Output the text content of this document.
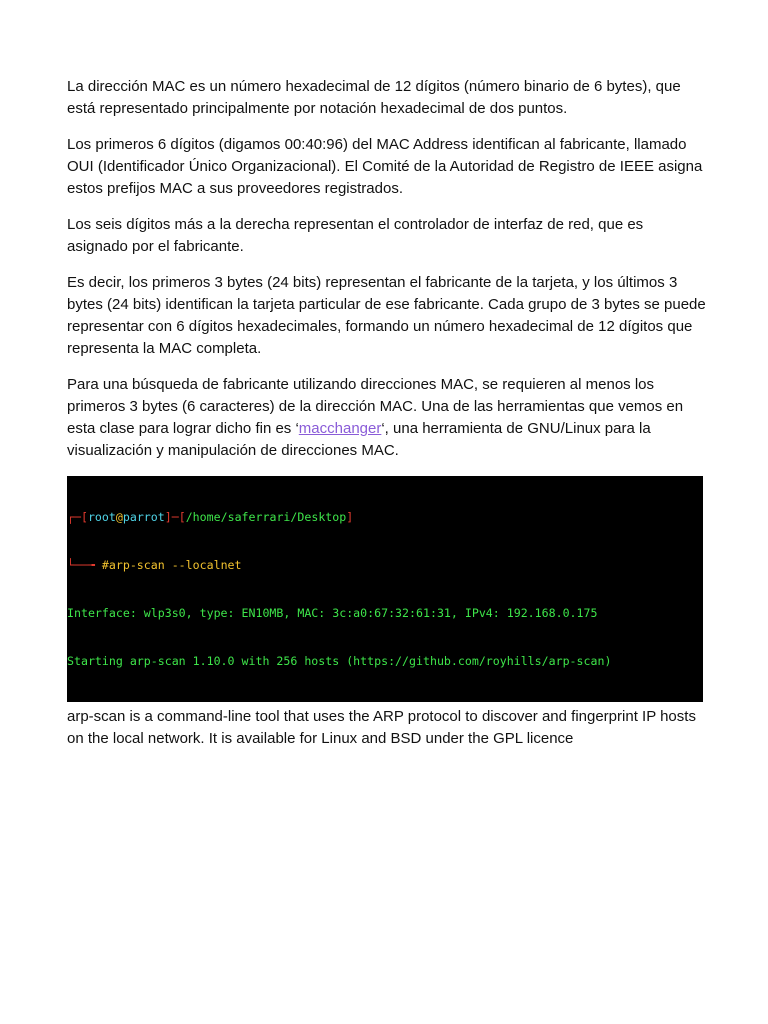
La dirección MAC es un número hexadecimal de 12 dígitos (número binario de 6 bytes), que está representado principalmente por notación hexadecimal de dos puntos.

Los primeros 6 dígitos (digamos 00:40:96) del MAC Address identifican al fabricante, llamado OUI (Identificador Único Organizacional). El Comité de la Autoridad de Registro de IEEE asigna estos prefijos MAC a sus proveedores registrados.

Los seis dígitos más a la derecha representan el controlador de interfaz de red, que es asignado por el fabricante.

Es decir, los primeros 3 bytes (24 bits) representan el fabricante de la tarjeta, y los últimos 3 bytes (24 bits) identifican la tarjeta particular de ese fabricante. Cada grupo de 3 bytes se puede representar con 6 dígitos hexadecimales, formando un número hexadecimal de 12 dígitos que representa la MAC completa.

Para una búsqueda de fabricante utilizando direcciones MAC, se requieren al menos los primeros 3 bytes (6 caracteres) de la dirección MAC. Una de las herramientas que vemos en esta clase para lograr dicho fin es ‘macchanger‘, una herramienta de GNU/Linux para la visualización y manipulación de direcciones MAC.

┌─[root@parrot]─[/home/saferrari/Desktop]

└──╼ #arp-scan --localnet

Interface: wlp3s0, type: EN10MB, MAC: 3c:a0:67:32:61:31, IPv4: 192.168.0.175

Starting arp-scan 1.10.0 with 256 hosts (https://github.com/royhills/arp-scan)

arp-scan is a command-line tool that uses the ARP protocol to discover and fingerprint IP hosts on the local network. It is available for Linux and BSD under the GPL licence
